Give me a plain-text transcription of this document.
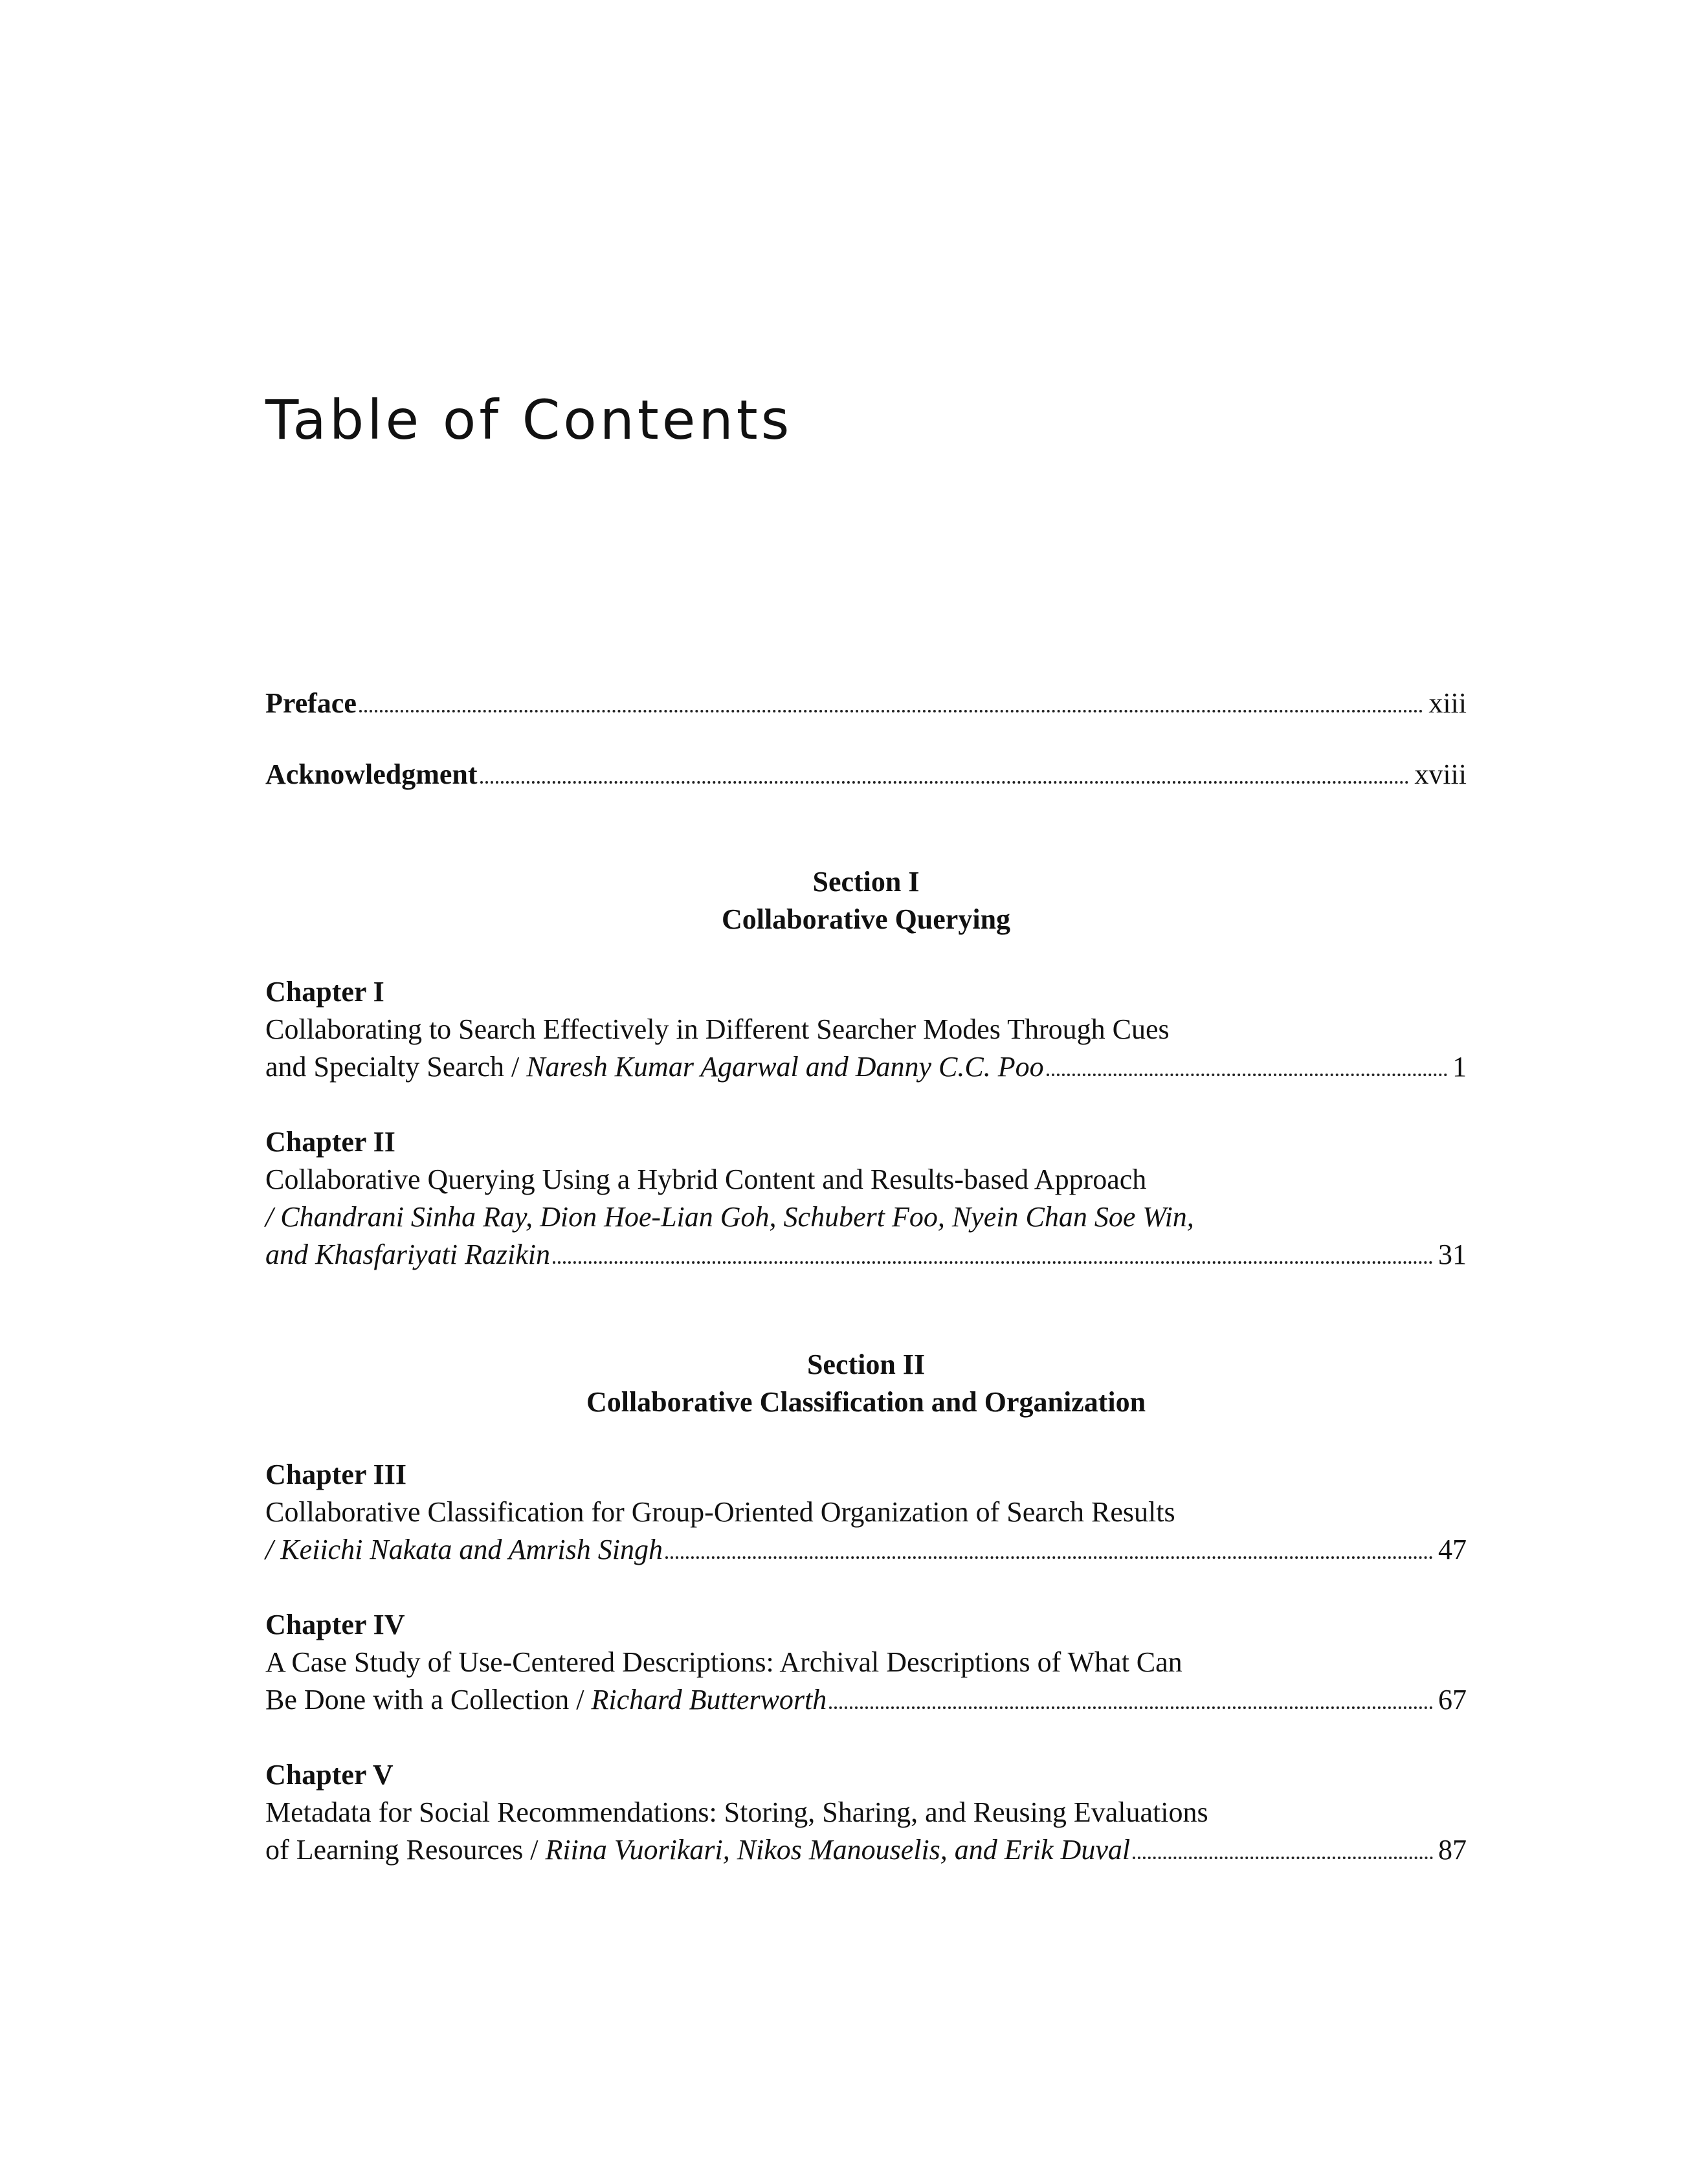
Table of Contents
Preface	xiii
Acknowledgment	xviii
Section I
Collaborative Querying
Chapter I
Collaborating to Search Effectively in Different Searcher Modes Through Cues
and Specialty Search / Naresh Kumar Agarwal and Danny C.C. Poo	1
Chapter II
Collaborative Querying Using a Hybrid Content and Results-based Approach
/ Chandrani Sinha Ray, Dion Hoe-Lian Goh, Schubert Foo, Nyein Chan Soe Win,
and Khasfariyati Razikin	31
Section II
Collaborative Classification and Organization
Chapter III
Collaborative Classification for Group-Oriented Organization of Search Results
/ Keiichi Nakata and Amrish Singh	47
Chapter IV
A Case Study of Use-Centered Descriptions: Archival Descriptions of What Can
Be Done with a Collection / Richard Butterworth	67
Chapter V
Metadata for Social Recommendations: Storing, Sharing, and Reusing Evaluations
of Learning Resources / Riina Vuorikari, Nikos Manouselis, and Erik Duval	87
